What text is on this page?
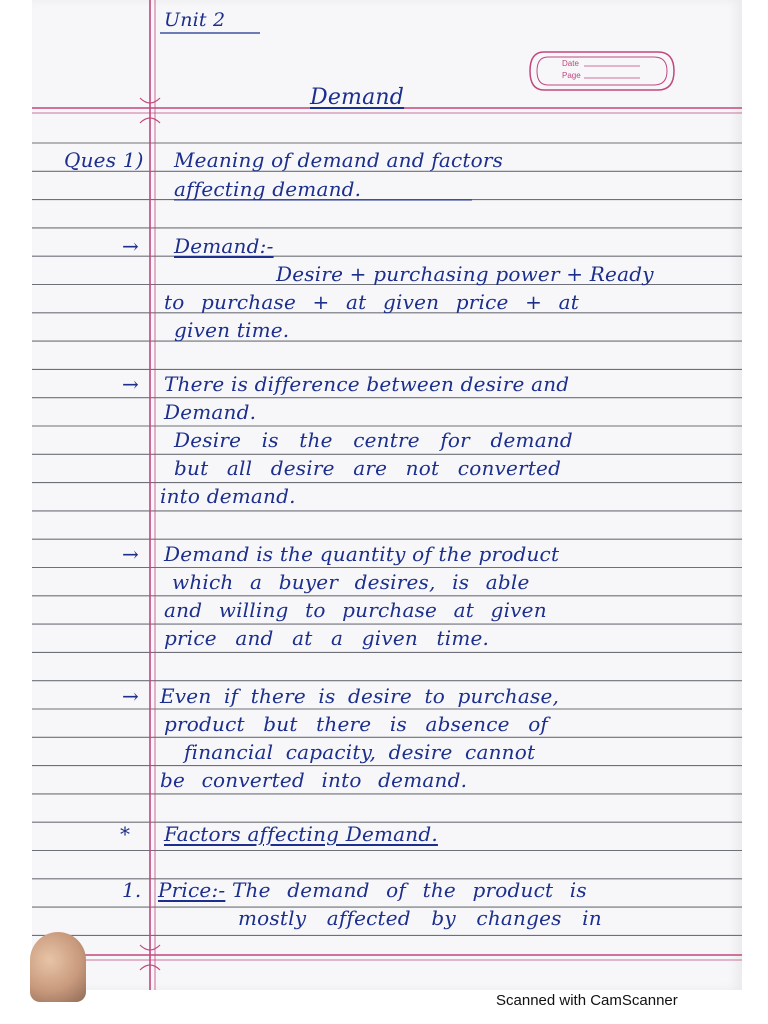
Unit 2
Date
Page
Demand
Ques 1) Meaning of demand and factors
affecting demand.
→ Demand:-
Desire + purchasing power + Ready
to purchase + at given price + at
given time.
→ There is difference between desire and
Demand.
Desire is the centre for demand
but all desire are not converted
into demand.
→ Demand is the quantity of the product
which a buyer desires, is able
and willing to purchase at given
price and at a given time.
→ Even if there is desire to purchase,
product but there is absence of
financial capacity, desire cannot
be converted into demand.
* Factors affecting Demand.
1. Price:- The demand of the product is
mostly affected by changes in
Scanned with CamScanner
